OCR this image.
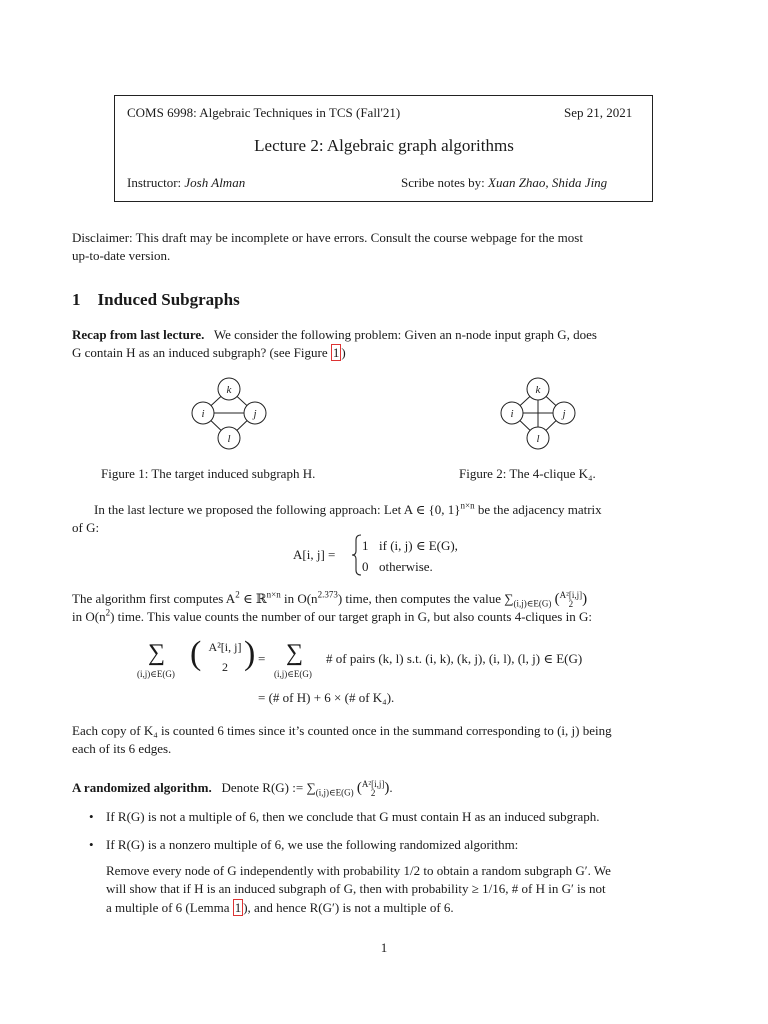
COMS 6998: Algebraic Techniques in TCS (Fall'21)	Sep 21, 2021
Lecture 2: Algebraic graph algorithms
Instructor: Josh Alman	Scribe notes by: Xuan Zhao, Shida Jing
Disclaimer: This draft may be incomplete or have errors. Consult the course webpage for the most
up-to-date version.
1 Induced Subgraphs
Recap from last lecture. We consider the following problem: Given an n-node input graph G, does
G contain H as an induced subgraph? (see Figure 1 )
k
i	j
l
Figure 1: The target induced subgraph H.
k
i	j
l
Figure 2: The 4-clique K₄.
In the last lecture we proposed the following approach: Let A ∈ {0, 1}$^{n\times n}$ be the adjacency matrix
of G:
A[i, j] =
1 if (i, j) ∈ E(G),
0 otherwise.
The algorithm first computes $A^2$ ∈ ℝ$^{n\times n}$ in $O(n^{2.373})$ time, then computes the value $\sum_{(i,j)\in E(G)}$ ( A²[i,j]
2 )
in $O(n^2)$ time. This value counts the number of our target graph in G, but also counts 4-cliques in G:
∑
(i,j)∈E(G)
( A²[i, j]
2 ) = ∑
(i,j)∈E(G)
# of pairs (k, l) s.t. (i, k), (k, j), (i, l), (l, j) ∈ E(G)
= (# of H) + 6 × (# of K₄).
Each copy of K₄ is counted 6 times since it’s counted once in the summand corresponding to (i, j) being
each of its 6 edges.
A randomized algorithm. Denote R(G) := $\sum_{(i,j)\in E(G)}$ ( A²[i,j]
2 ).
• If R(G) is not a multiple of 6, then we conclude that G must contain H as an induced subgraph.
• If R(G) is a nonzero multiple of 6, we use the following randomized algorithm:
Remove every node of G independently with probability 1/2 to obtain a random subgraph G′. We
will show that if H is an induced subgraph of G, then with probability ≥ 1/16, # of H in G′ is not
a multiple of 6 (Lemma 1 ), and hence R(G′) is not a multiple of 6.
1
